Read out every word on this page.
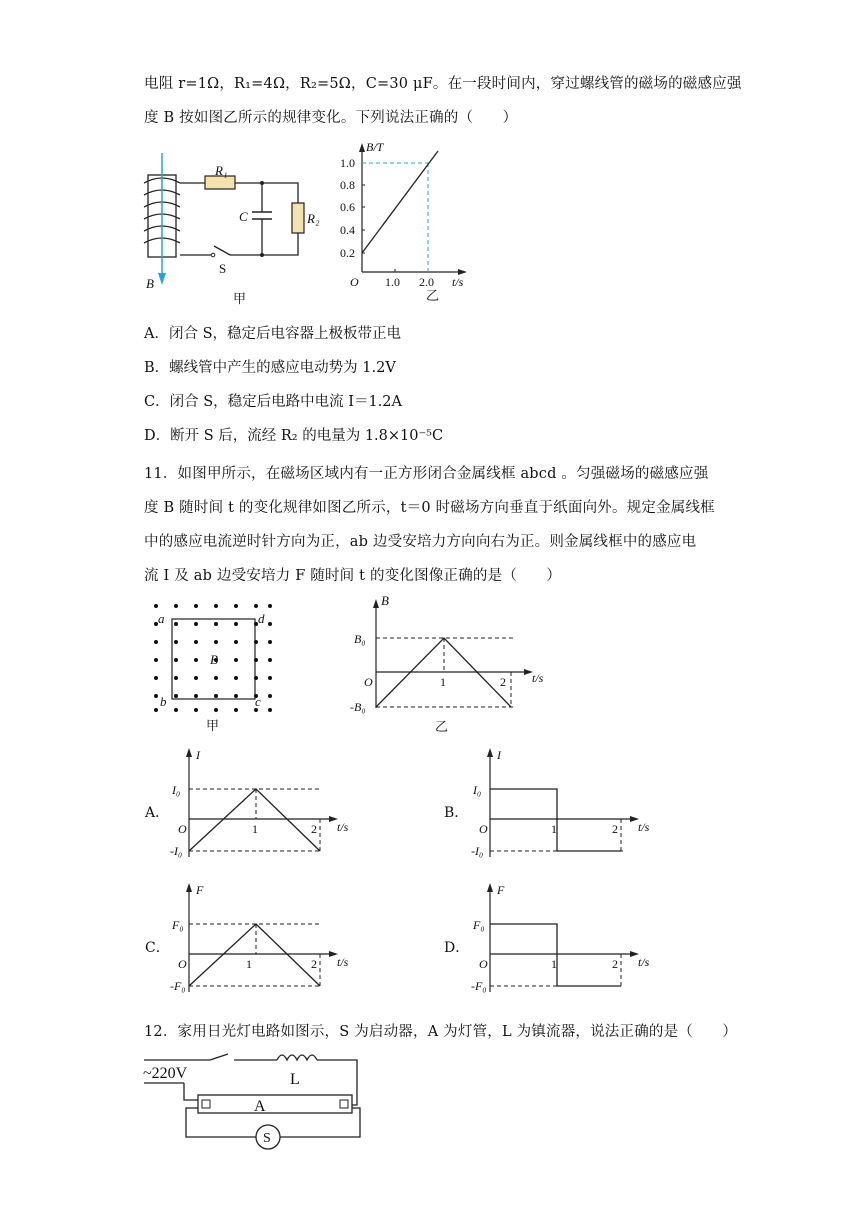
电阻 r=1Ω，R₁=4Ω，R₂=5Ω，C=30 μF。在一段时间内，穿过螺线管的磁场的磁感应强
度 B 按如图乙所示的规律变化。下列说法正确的（　　）
R₁
R₂
C
S
B
甲
B/T
1.0
0.8
0.6
0.4
0.2
O 1.0 2.0 t/s
乙
A．闭合 S，稳定后电容器上极板带正电
B．螺线管中产生的感应电动势为 1.2V
C．闭合 S，稳定后电路中电流 I＝1.2A
D．断开 S 后，流经 R₂ 的电量为 1.8×10⁻⁵C
11．如图甲所示，在磁场区域内有一正方形闭合金属线框 abcd 。匀强磁场的磁感应强
度 B 随时间 t 的变化规律如图乙所示，t＝0 时磁场方向垂直于纸面向外。规定金属线框
中的感应电流逆时针方向为正，ab 边受安培力方向向右为正。则金属线框中的感应电
流 I 及 ab 边受安培力 F 随时间 t 的变化图像正确的是（　　）
a	d
b	c
B
甲
B
B₀
-B₀
O	1	2 t/s
乙
A．
I
I₀
-I₀
O	1	2 t/s
B．
I
I₀
-I₀
O	1	2 t/s
C．
F
F₀
-F₀
O	1	2 t/s
D．
F
F₀
-F₀
O	1	2 t/s
12．家用日光灯电路如图示，S 为启动器，A 为灯管，L 为镇流器，说法正确的是（　　）
~220V	L
A
S
